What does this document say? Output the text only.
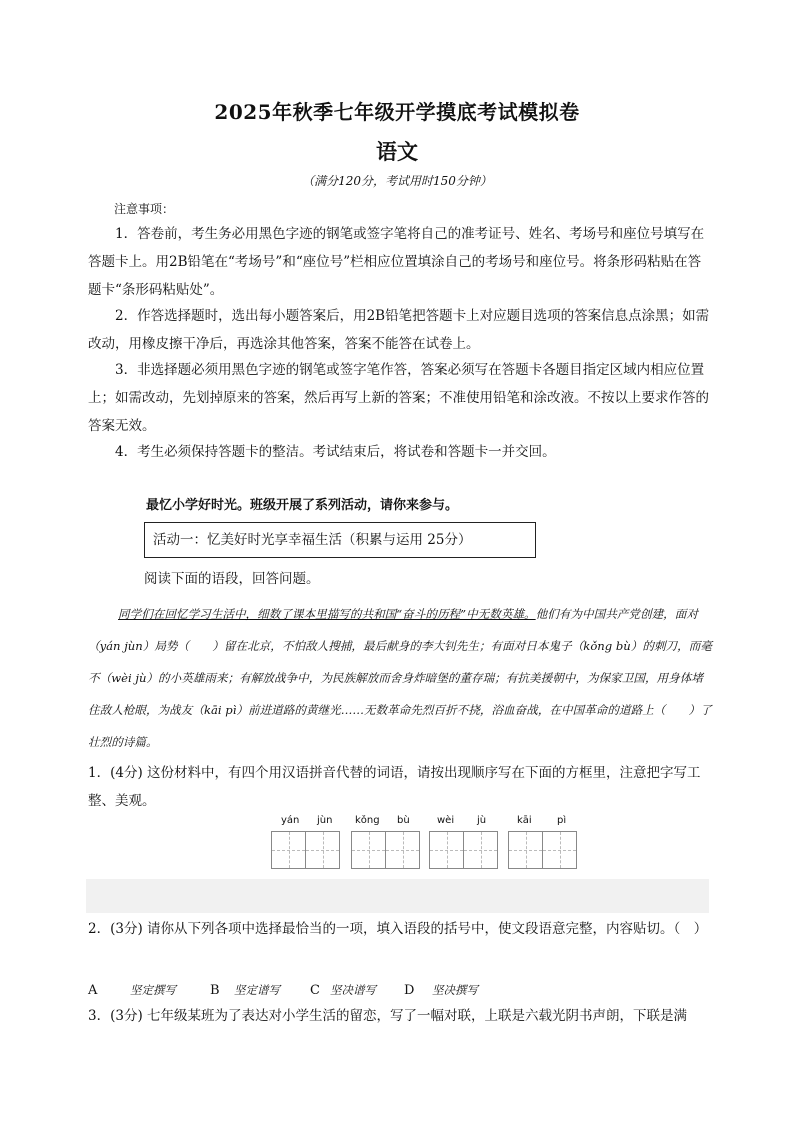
2025年秋季七年级开学摸底考试模拟卷
语文
（满分120分，考试用时150分钟）
注意事项：
1．答卷前，考生务必用黑色字迹的钢笔或签字笔将自己的准考证号、姓名、考场号和座位号填写在答题卡上。用2B铅笔在“考场号”和“座位号”栏相应位置填涂自己的考场号和座位号。将条形码粘贴在答题卡“条形码粘贴处”。
2．作答选择题时，选出每小题答案后，用2B铅笔把答题卡上对应题目选项的答案信息点涂黑；如需改动，用橡皮擦干净后，再选涂其他答案，答案不能答在试卷上。
3．非选择题必须用黑色字迹的钢笔或签字笔作答，答案必须写在答题卡各题目指定区域内相应位置上；如需改动，先划掉原来的答案，然后再写上新的答案；不准使用铅笔和涂改液。不按以上要求作答的答案无效。
4．考生必须保持答题卡的整洁。考试结束后，将试卷和答题卡一并交回。
最忆小学好时光。班级开展了系列活动，请你来参与。
活动一：忆美好时光享幸福生活（积累与运用 25分）
阅读下面的语段，回答问题。
同学们在回忆学习生活中，细数了课本里描写的共和国“奋斗的历程”中无数英雄。他们有为中国共产党创建，面对（yán jùn）局势（　　）留在北京，不怕敌人搜捕，最后献身的李大钊先生；有面对日本鬼子（kǒng bù）的刺刀，而毫不（wèi jù）的小英雄雨来；有解放战争中，为民族解放而舍身炸暗堡的董存瑞；有抗美援朝中，为保家卫国，用身体堵住敌人枪眼，为战友（kāi pì）前进道路的黄继光……无数革命先烈百折不挠，浴血奋战，在中国革命的道路上（　　）了壮烈的诗篇。
1．(4分) 这份材料中，有四个用汉语拼音代替的词语，请按出现顺序写在下面的方框里，注意把字写工整、美观。
yán jùn kǒng bù	wèi jù	kāi	pì
2．(3分) 请你从下列各项中选择最恰当的一项，填入语段的括号中，使文段语意完整，内容贴切。（　）
A	坚定撰写	B 坚定谱写 C 坚决谱写 D 坚决撰写
3．(3分) 七年级某班为了表达对小学生活的留恋，写了一幅对联，上联是六载光阴书声朗，下联是满
